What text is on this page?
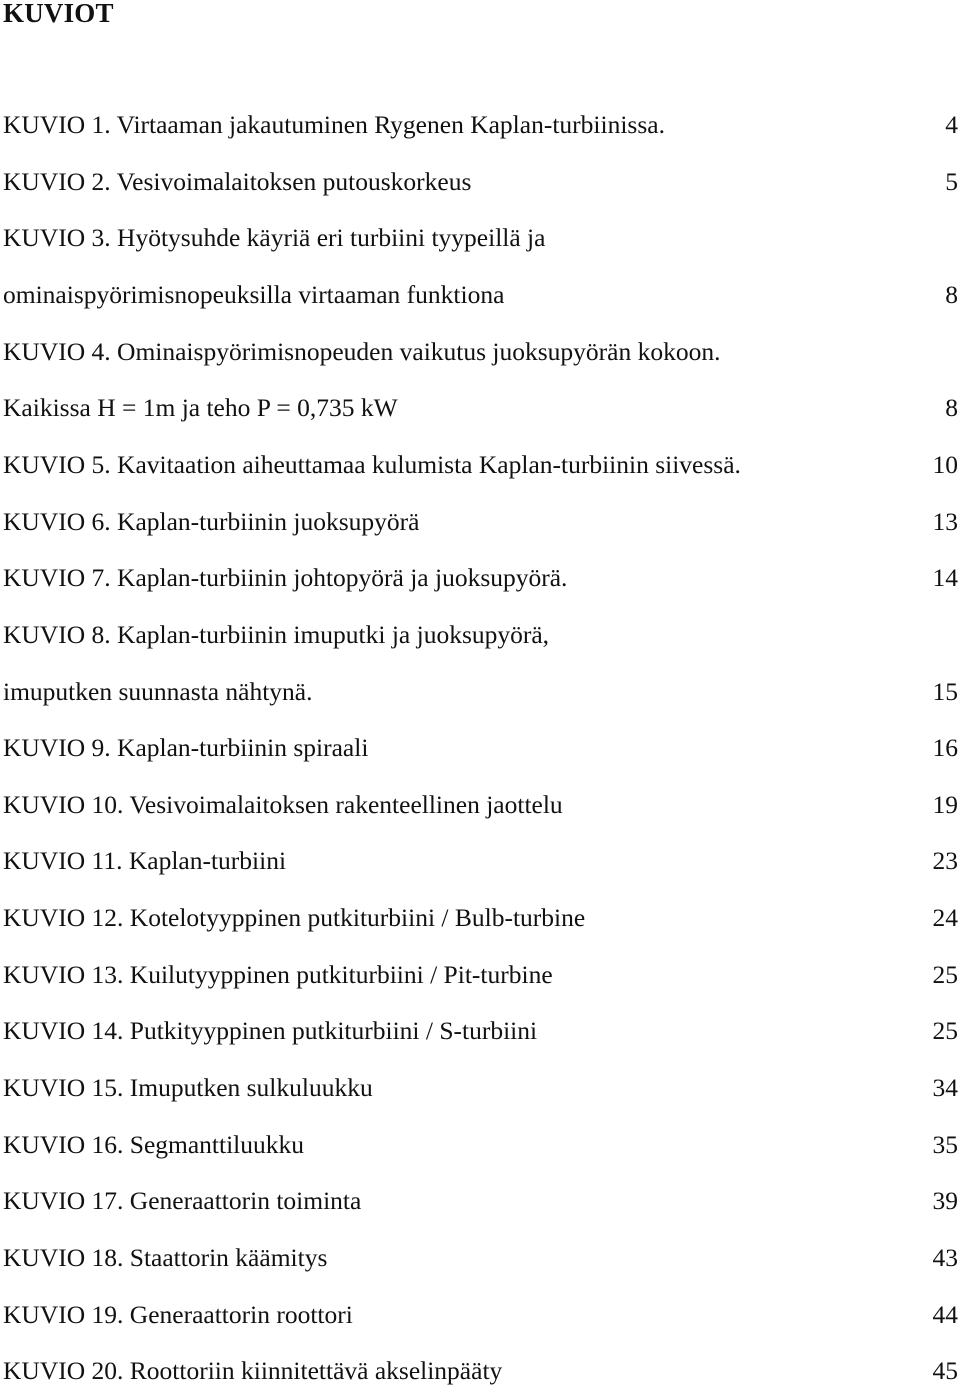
KUVIOT
KUVIO 1. Virtaaman jakautuminen Rygenen Kaplan-turbiinissa.	4
KUVIO 2. Vesivoimalaitoksen putouskorkeus	5
KUVIO 3. Hyötysuhde käyriä eri turbiini tyypeillä ja
ominaispyörimisnopeuksilla virtaaman funktiona	8
KUVIO 4. Ominaispyörimisnopeuden vaikutus juoksupyörän kokoon.
Kaikissa H = 1m ja teho P = 0,735 kW	8
KUVIO 5. Kavitaation aiheuttamaa kulumista Kaplan-turbiinin siivessä.	10
KUVIO 6. Kaplan-turbiinin juoksupyörä	13
KUVIO 7. Kaplan-turbiinin johtopyörä ja juoksupyörä.	14
KUVIO 8. Kaplan-turbiinin imuputki ja juoksupyörä,
imuputken suunnasta nähtynä.	15
KUVIO 9. Kaplan-turbiinin spiraali	16
KUVIO 10. Vesivoimalaitoksen rakenteellinen jaottelu	19
KUVIO 11. Kaplan-turbiini	23
KUVIO 12. Kotelotyyppinen putkiturbiini / Bulb-turbine	24
KUVIO 13. Kuilutyyppinen putkiturbiini / Pit-turbine	25
KUVIO 14. Putkityyppinen putkiturbiini / S-turbiini	25
KUVIO 15. Imuputken sulkuluukku	34
KUVIO 16. Segmanttiluukku	35
KUVIO 17. Generaattorin toiminta	39
KUVIO 18. Staattorin käämitys	43
KUVIO 19. Generaattorin roottori	44
KUVIO 20. Roottoriin kiinnitettävä akselinpääty	45
